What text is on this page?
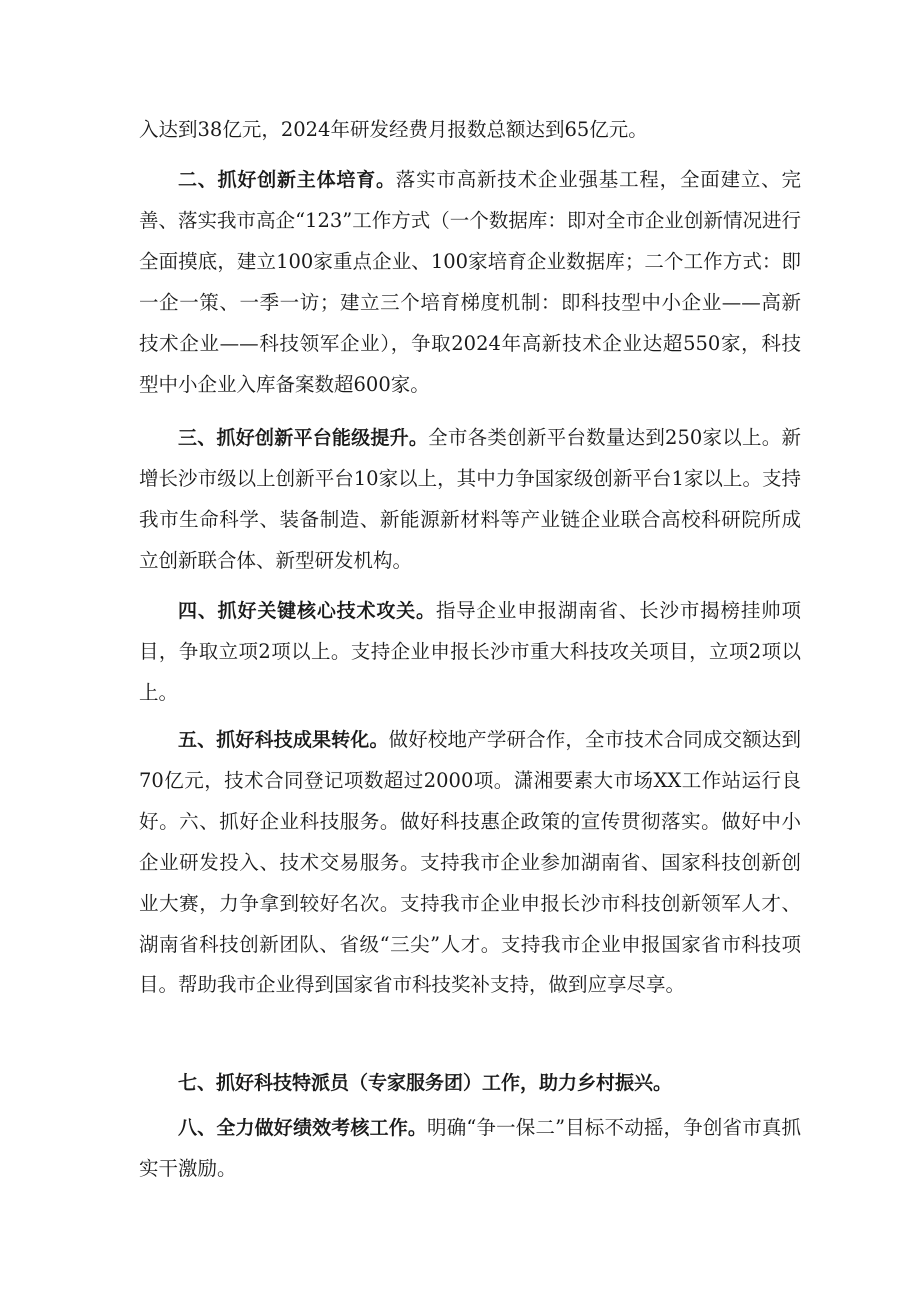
入达到38亿元，2024年研发经费月报数总额达到65亿元。

二、抓好创新主体培育。落实市高新技术企业强基工程，全面建立、完善、落实我市高企“123”工作方式（一个数据库：即对全市企业创新情况进行全面摸底，建立100家重点企业、100家培育企业数据库；二个工作方式：即一企一策、一季一访；建立三个培育梯度机制：即科技型中小企业——高新技术企业——科技领军企业），争取2024年高新技术企业达超550家，科技型中小企业入库备案数超600家。

三、抓好创新平台能级提升。全市各类创新平台数量达到250家以上。新增长沙市级以上创新平台10家以上，其中力争国家级创新平台1家以上。支持我市生命科学、装备制造、新能源新材料等产业链企业联合高校科研院所成立创新联合体、新型研发机构。

四、抓好关键核心技术攻关。指导企业申报湖南省、长沙市揭榜挂帅项目，争取立项2项以上。支持企业申报长沙市重大科技攻关项目，立项2项以上。

五、抓好科技成果转化。做好校地产学研合作，全市技术合同成交额达到70亿元，技术合同登记项数超过2000项。潇湘要素大市场XX工作站运行良好。六、抓好企业科技服务。做好科技惠企政策的宣传贯彻落实。做好中小企业研发投入、技术交易服务。支持我市企业参加湖南省、国家科技创新创业大赛，力争拿到较好名次。支持我市企业申报长沙市科技创新领军人才、湖南省科技创新团队、省级“三尖”人才。支持我市企业申报国家省市科技项目。帮助我市企业得到国家省市科技奖补支持，做到应享尽享。

七、抓好科技特派员（专家服务团）工作，助力乡村振兴。

八、全力做好绩效考核工作。明确“争一保二”目标不动摇，争创省市真抓实干激励。
